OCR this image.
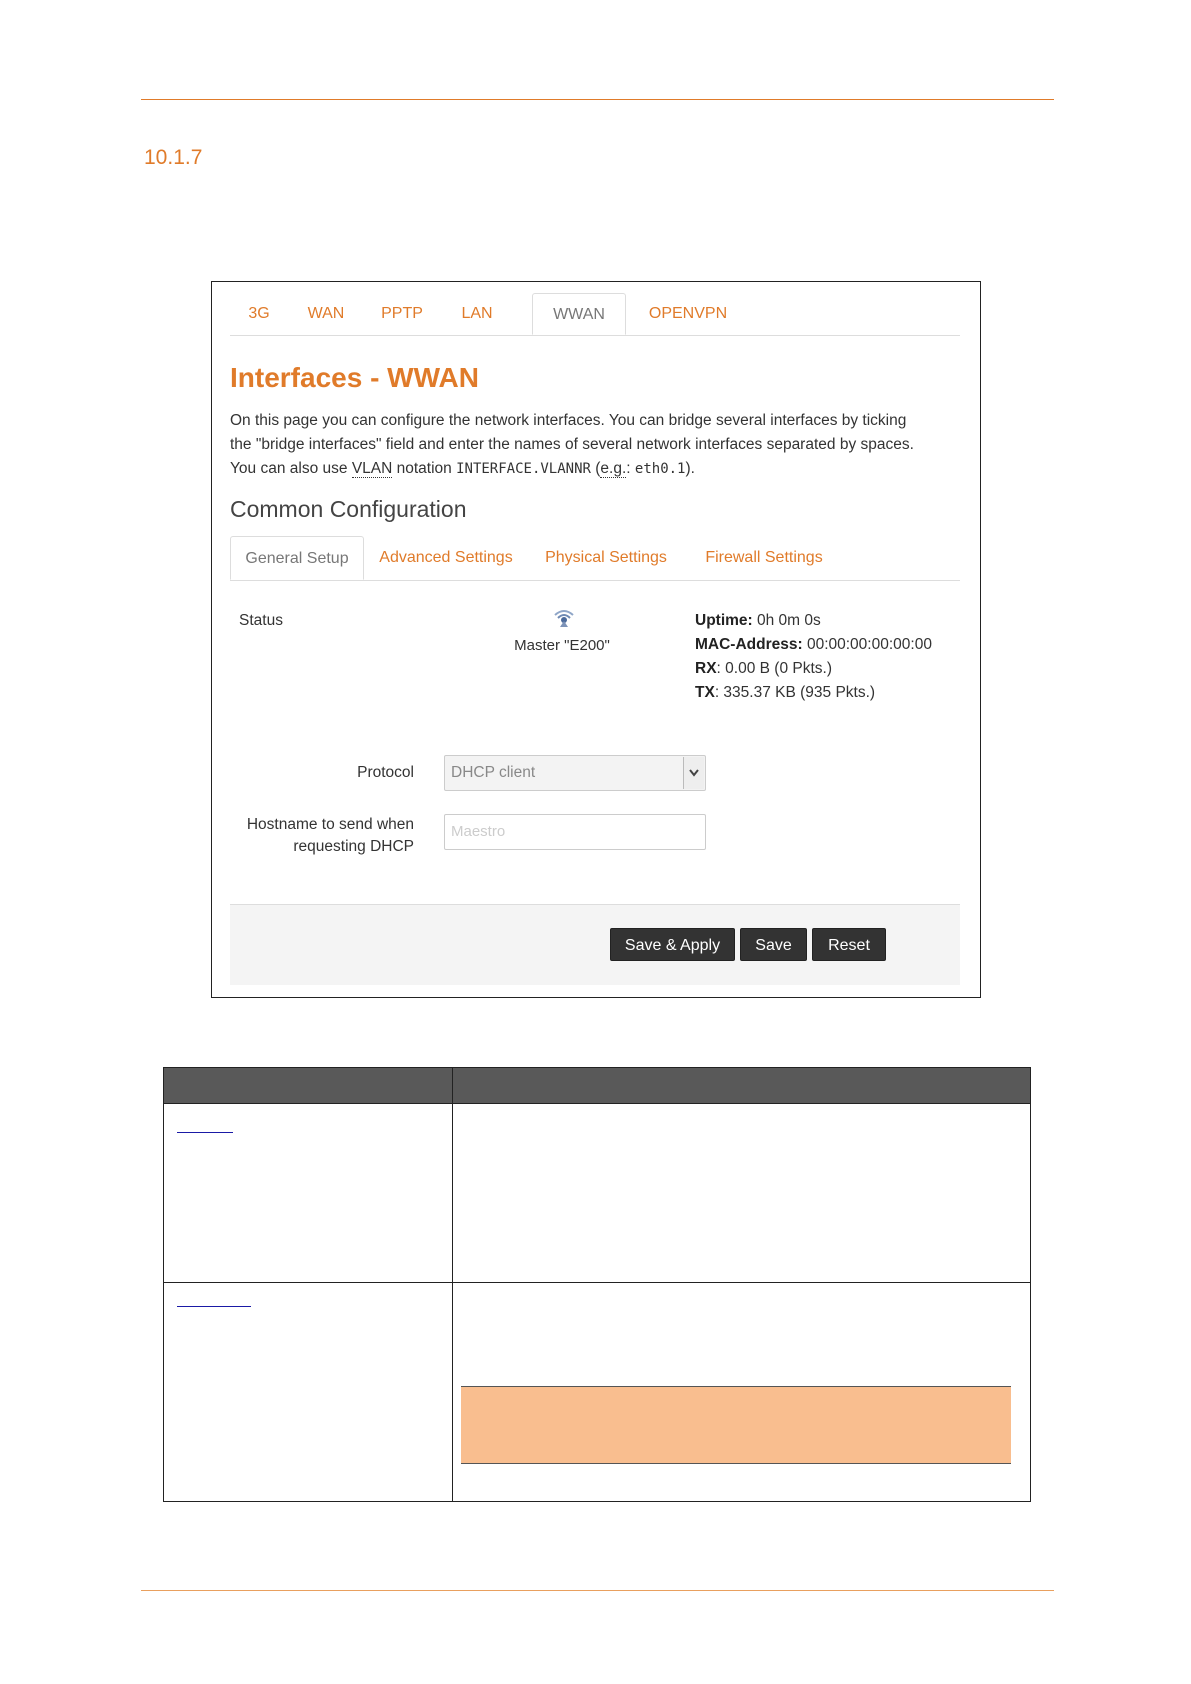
10.1.7
3G	WAN	PPTP	LAN	WWAN	OPENVPN
Interfaces - WWAN
On this page you can configure the network interfaces. You can bridge several interfaces by ticking
the "bridge interfaces" field and enter the names of several network interfaces separated by spaces.
You can also use VLAN notation INTERFACE.VLANNR (e.g.: eth0.1).
Common Configuration
General Setup	Advanced Settings	Physical Settings	Firewall Settings
Status
Master "E200"
Uptime: 0h 0m 0s
MAC-Address: 00:00:00:00:00:00
RX: 0.00 B (0 Pkts.)
TX: 335.37 KB (935 Pkts.)
Protocol DHCP client
Hostname to send when
requesting DHCP
Maestro
Save & Apply	Save	Reset
